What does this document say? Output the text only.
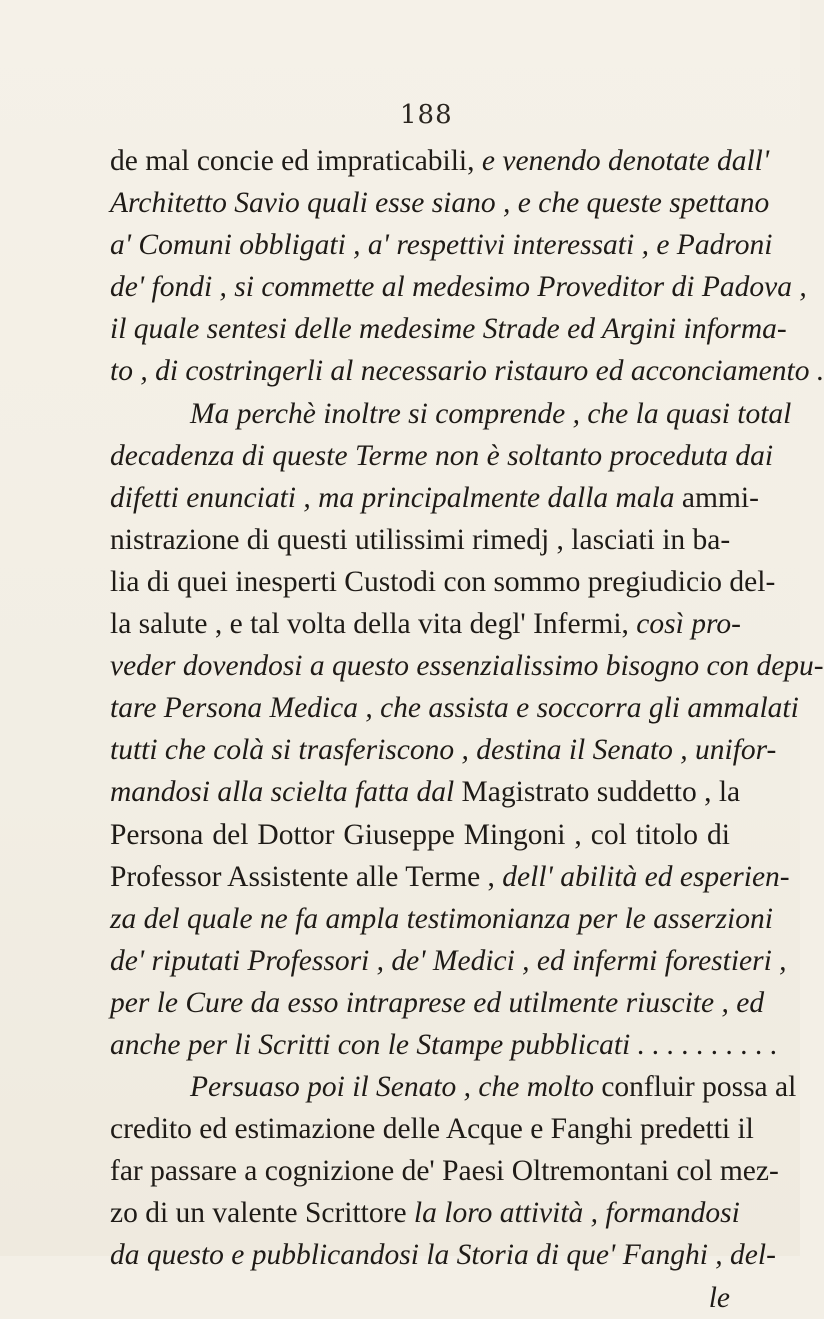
188
de mal concie ed impraticabili, e venendo denotate dall'
Architetto Savio quali esse siano , e che queste spettano
a' Comuni obbligati , a' respettivi interessati , e Padroni
de' fondi , si commette al medesimo Proveditor di Padova ,
il quale sentesi delle medesime Strade ed Argini informa-
to , di costringerli al necessario ristauro ed acconciamento .
Ma perchè inoltre si comprende , che la quasi total
decadenza di queste Terme non è soltanto proceduta dai
difetti enunciati , ma principalmente dalla mala ammi-
nistrazione di questi utilissimi rimedj , lasciati in ba-
lia di quei inesperti Custodi con sommo pregiudicio del-
la salute , e tal volta della vita degl' Infermi, così pro-
veder dovendosi a questo essenzialissimo bisogno con depu-
tare Persona Medica , che assista e soccorra gli ammalati
tutti che colà si trasferiscono , destina il Senato , unifor-
mandosi alla scielta fatta dal Magistrato suddetto , la
Persona del Dottor Giuseppe Mingoni , col titolo di
Professor Assistente alle Terme , dell' abilità ed esperien-
za del quale ne fa ampla testimonianza per le asserzioni
de' riputati Professori , de' Medici , ed infermi forestieri ,
per le Cure da esso intraprese ed utilmente riuscite , ed
anche per li Scritti con le Stampe pubblicati . . . . . . . . . .
Persuaso poi il Senato , che molto confluir possa al
credito ed estimazione delle Acque e Fanghi predetti il
far passare a cognizione de' Paesi Oltremontani col mez-
zo di un valente Scrittore la loro attività , formandosi
da questo e pubblicandosi la Storia di que' Fanghi , del-
le
